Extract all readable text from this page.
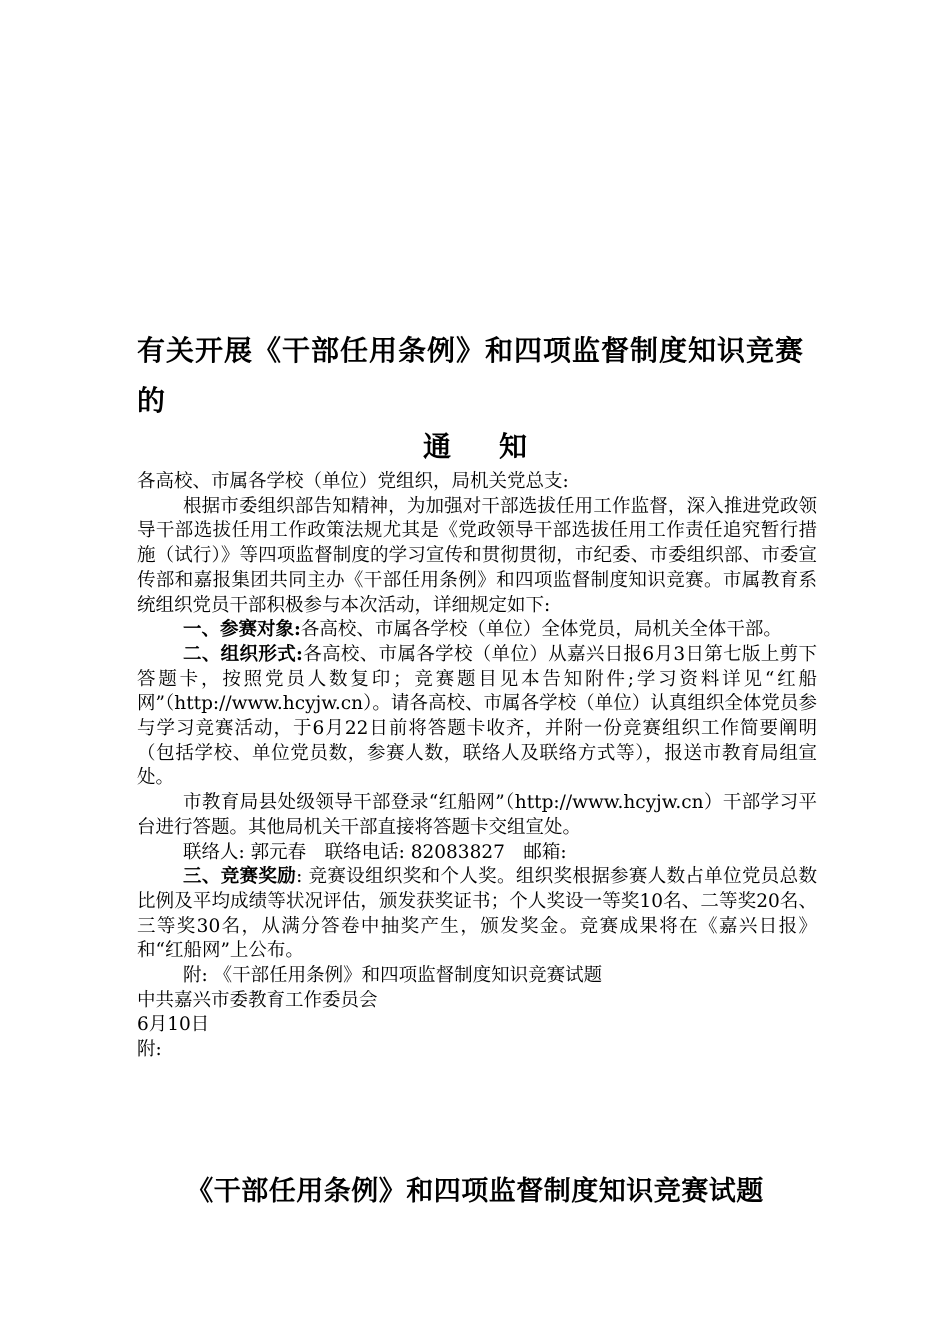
有关开展《干部任用条例》和四项监督制度知识竞赛的
通知

各高校、市属各学校（单位）党组织，局机关党总支:

根据市委组织部告知精神，为加强对干部选拔任用工作监督，深入推进党政领导干部选拔任用工作政策法规尤其是《党政领导干部选拔任用工作责任追究暂行措施（试行）》等四项监督制度的学习宣传和贯彻贯彻，市纪委、市委组织部、市委宣传部和嘉报集团共同主办《干部任用条例》和四项监督制度知识竞赛。市属教育系统组织党员干部积极参与本次活动，详细规定如下:

一、参赛对象:各高校、市属各学校（单位）全体党员，局机关全体干部。

二、组织形式:各高校、市属各学校（单位）从嘉兴日报6月3日第七版上剪下答题卡，按照党员人数复印；竞赛题目见本告知附件;学习资料详见“红船网”（http://www.hcyjw.cn）。请各高校、市属各学校（单位）认真组织全体党员参与学习竞赛活动，于6月22日前将答题卡收齐，并附一份竞赛组织工作简要阐明（包括学校、单位党员数，参赛人数，联络人及联络方式等），报送市教育局组宣处。

市教育局县处级领导干部登录“红船网”（http://www.hcyjw.cn）干部学习平台进行答题。其他局机关干部直接将答题卡交组宣处。

联络人: 郭元春　联络电话: 82083827　邮箱:

三、竞赛奖励: 竞赛设组织奖和个人奖。组织奖根据参赛人数占单位党员总数比例及平均成绩等状况评估，颁发获奖证书；个人奖设一等奖10名、二等奖20名、三等奖30名，从满分答卷中抽奖产生，颁发奖金。竞赛成果将在《嘉兴日报》和“红船网”上公布。

附: 《干部任用条例》和四项监督制度知识竞赛试题

中共嘉兴市委教育工作委员会

6月10日

附:

《干部任用条例》和四项监督制度知识竞赛试题
